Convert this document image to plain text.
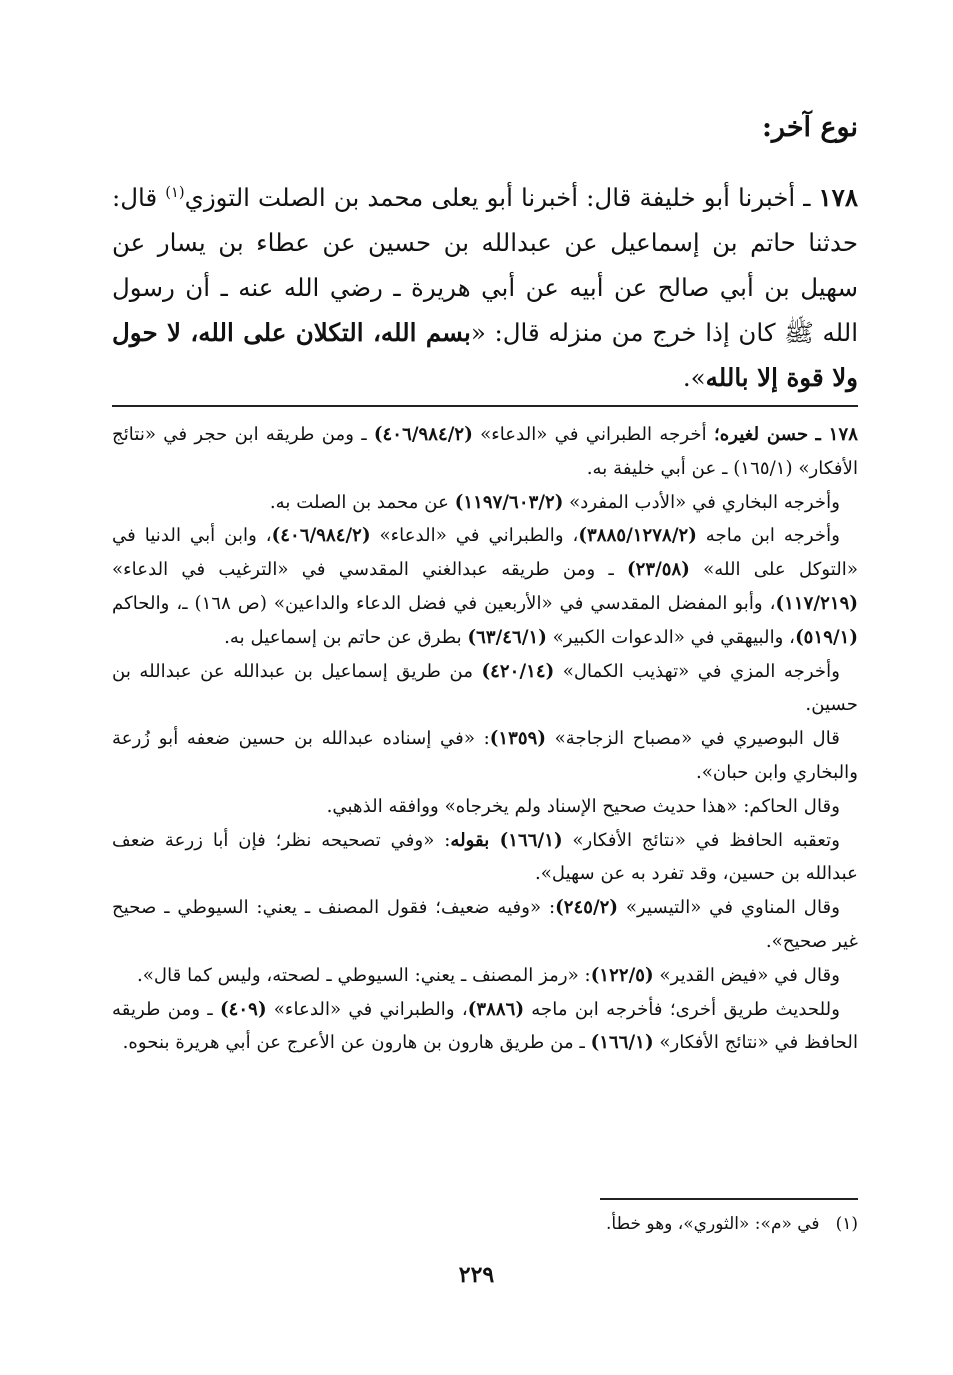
نوع آخر:

١٧٨ ـ أخبرنا أبو خليفة قال: أخبرنا أبو يعلى محمد بن الصلت التوزي$^{(١)}$ قال: حدثنا حاتم بن إسماعيل عن عبدالله بن حسين عن عطاء بن يسار عن سهيل بن أبي صالح عن أبيه عن أبي هريرة ـ رضي الله عنه ـ أن رسول الله ﷺ كان إذا خرج من منزله قال: «بسم الله، التكلان على الله، لا حول ولا قوة إلا بالله».

١٧٨ ـ حسن لغيره؛ أخرجه الطبراني في «الدعاء» (٤٠٦/٩٨٤/٢) ـ ومن طريقه ابن حجر في «نتائج الأفكار» (١٦٥/١) ـ عن أبي خليفة به.

وأخرجه البخاري في «الأدب المفرد» (١١٩٧/٦٠٣/٢) عن محمد بن الصلت به.

وأخرجه ابن ماجه (٣٨٨٥/١٢٧٨/٢)، والطبراني في «الدعاء» (٤٠٦/٩٨٤/٢)، وابن أبي الدنيا في «التوكل على الله» (٢٣/٥٨) ـ ومن طريقه عبدالغني المقدسي في «الترغيب في الدعاء» (١١٧/٢١٩)، وأبو المفضل المقدسي في «الأربعين في فضل الدعاء والداعين» (ص ١٦٨) ـ، والحاكم (٥١٩/١)، والبيهقي في «الدعوات الكبير» (٦٣/٤٦/١) بطرق عن حاتم بن إسماعيل به.

وأخرجه المزي في «تهذيب الكمال» (٤٢٠/١٤) من طريق إسماعيل بن عبدالله عن عبدالله بن حسين.

قال البوصيري في «مصباح الزجاجة» (١٣٥٩): «في إسناده عبدالله بن حسين ضعفه أبو زُرعة والبخاري وابن حبان».

وقال الحاكم: «هذا حديث صحيح الإسناد ولم يخرجاه» ووافقه الذهبي.

وتعقبه الحافظ في «نتائج الأفكار» (١٦٦/١) بقوله: «وفي تصحيحه نظر؛ فإن أبا زرعة ضعف عبدالله بن حسين، وقد تفرد به عن سهيل».

وقال المناوي في «التيسير» (٢٤٥/٢): «وفيه ضعيف؛ فقول المصنف ـ يعني: السيوطي ـ صحيح غير صحيح».

وقال في «فيض القدير» (١٢٢/٥): «رمز المصنف ـ يعني: السيوطي ـ لصحته، وليس كما قال».

وللحديث طريق أخرى؛ فأخرجه ابن ماجه (٣٨٨٦)، والطبراني في «الدعاء» (٤٠٩) ـ ومن طريقه الحافظ في «نتائج الأفكار» (١٦٦/١) ـ من طريق هارون بن هارون عن الأعرج عن أبي هريرة بنحوه.

(١)في «م»: «الثوري»، وهو خطأ.

٢٢٩
